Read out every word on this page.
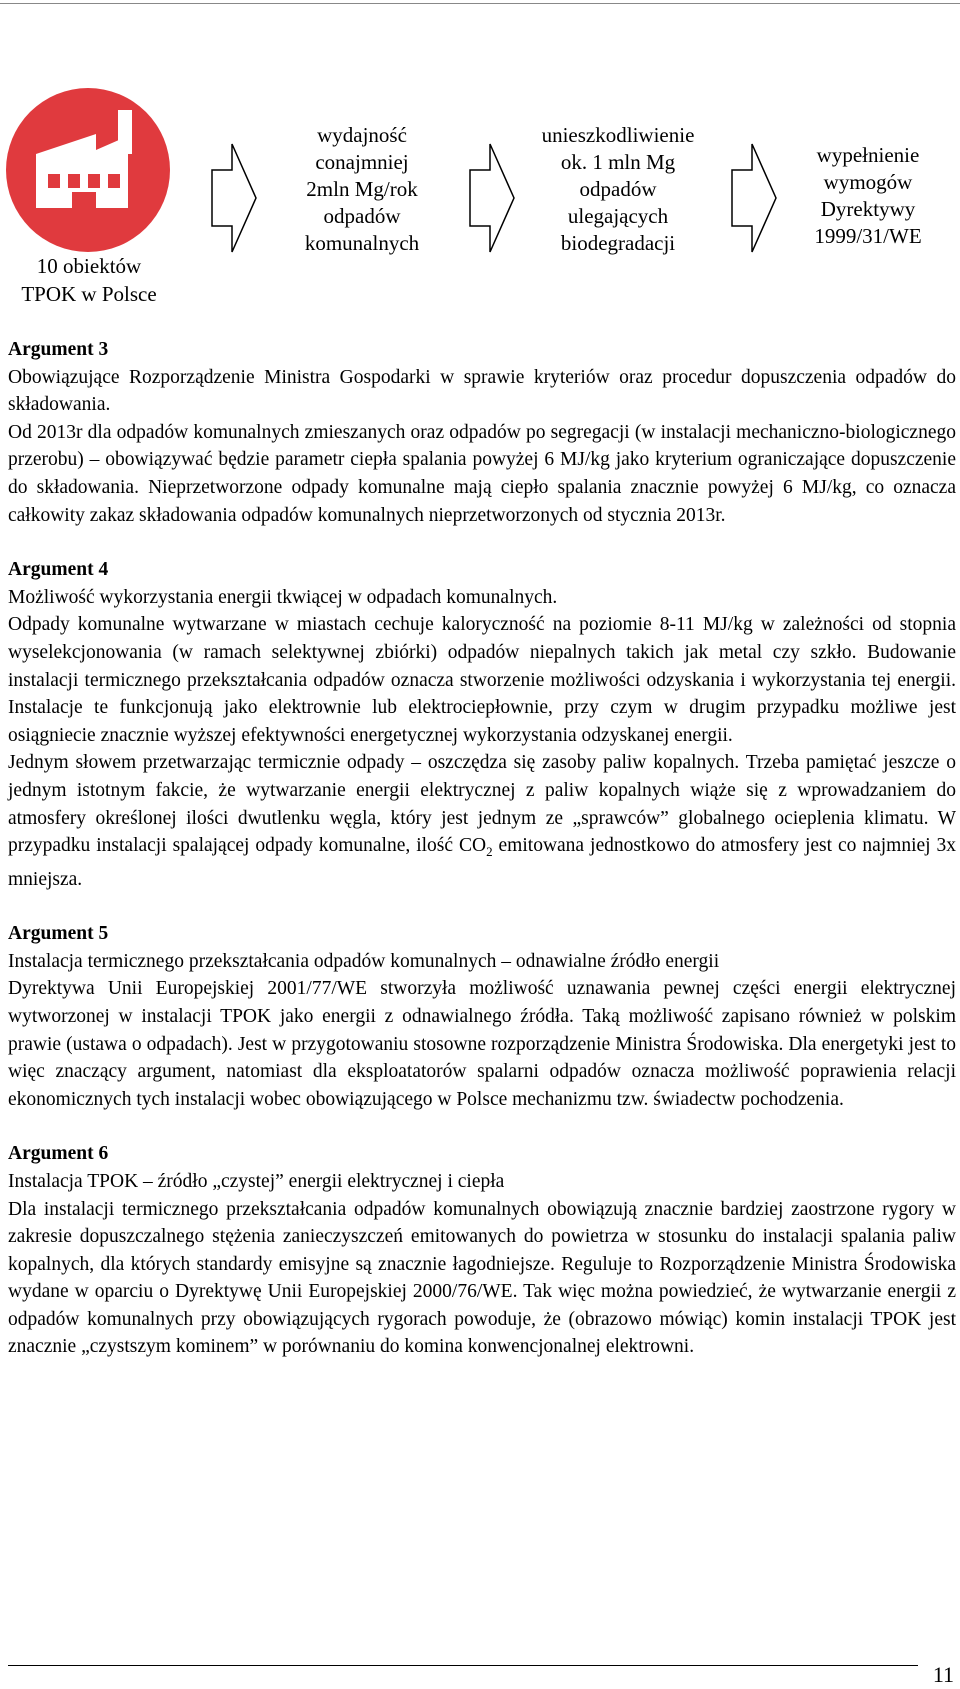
10 obiektów
TPOK w Polsce
wydajność
conajmniej
2mln Mg/rok
odpadów
komunalnych
unieszkodliwienie
ok. 1 mln Mg
odpadów
ulegających
biodegradacji
wypełnienie
wymogów
Dyrektywy
1999/31/WE
Argument 3

Obowiązujące Rozporządzenie Ministra Gospodarki w sprawie kryteriów oraz procedur dopuszczenia odpadów do składowania.

Od 2013r dla odpadów komunalnych zmieszanych oraz odpadów po segregacji (w instalacji mechaniczno-biologicznego przerobu) – obowiązywać będzie parametr ciepła spalania powyżej 6 MJ/kg jako kryterium ograniczające dopuszczenie do składowania. Nieprzetworzone odpady komunalne mają ciepło spalania znacznie powyżej 6 MJ/kg, co oznacza całkowity zakaz składowania odpadów komunalnych nieprzetworzonych od stycznia 2013r.

Argument 4

Możliwość wykorzystania energii tkwiącej w odpadach komunalnych.

Odpady komunalne wytwarzane w miastach cechuje kaloryczność na poziomie 8-11 MJ/kg w zależności od stopnia wyselekcjonowania (w ramach selektywnej zbiórki) odpadów niepalnych takich jak metal czy szkło. Budowanie instalacji termicznego przekształcania odpadów oznacza stworzenie możliwości odzyskania i wykorzystania tej energii. Instalacje te funkcjonują jako elektrownie lub elektrociepłownie, przy czym w drugim przypadku możliwe jest osiągniecie znacznie wyższej efektywności energetycznej wykorzystania odzyskanej energii.

Jednym słowem przetwarzając termicznie odpady – oszczędza się zasoby paliw kopalnych. Trzeba pamiętać jeszcze o jednym istotnym fakcie, że wytwarzanie energii elektrycznej z paliw kopalnych wiąże się z wprowadzaniem do atmosfery określonej ilości dwutlenku węgla, który jest jednym ze „sprawców” globalnego ocieplenia klimatu. W przypadku instalacji spalającej odpady komunalne, ilość $CO_2$ emitowana jednostkowo do atmosfery jest co najmniej 3x mniejsza.

Argument 5

Instalacja termicznego przekształcania odpadów komunalnych – odnawialne źródło energii

Dyrektywa Unii Europejskiej 2001/77/WE stworzyła możliwość uznawania pewnej części energii elektrycznej wytworzonej w instalacji TPOK jako energii z odnawialnego źródła. Taką możliwość zapisano również w polskim prawie (ustawa o odpadach). Jest w przygotowaniu stosowne rozporządzenie Ministra Środowiska. Dla energetyki jest to więc znaczący argument, natomiast dla eksploatatorów spalarni odpadów oznacza możliwość poprawienia relacji ekonomicznych tych instalacji wobec obowiązującego w Polsce mechanizmu tzw. świadectw pochodzenia.

Argument 6

Instalacja TPOK – źródło „czystej” energii elektrycznej i ciepła

Dla instalacji termicznego przekształcania odpadów komunalnych obowiązują znacznie bardziej zaostrzone rygory w zakresie dopuszczalnego stężenia zanieczyszczeń emitowanych do powietrza w stosunku do instalacji spalania paliw kopalnych, dla których standardy emisyjne są znacznie łagodniejsze. Reguluje to Rozporządzenie Ministra Środowiska wydane w oparciu o Dyrektywę Unii Europejskiej 2000/76/WE. Tak więc można powiedzieć, że wytwarzanie energii z odpadów komunalnych przy obowiązujących rygorach powoduje, że (obrazowo mówiąc) komin instalacji TPOK jest znacznie „czystszym kominem” w porównaniu do komina konwencjonalnej elektrowni.

11
